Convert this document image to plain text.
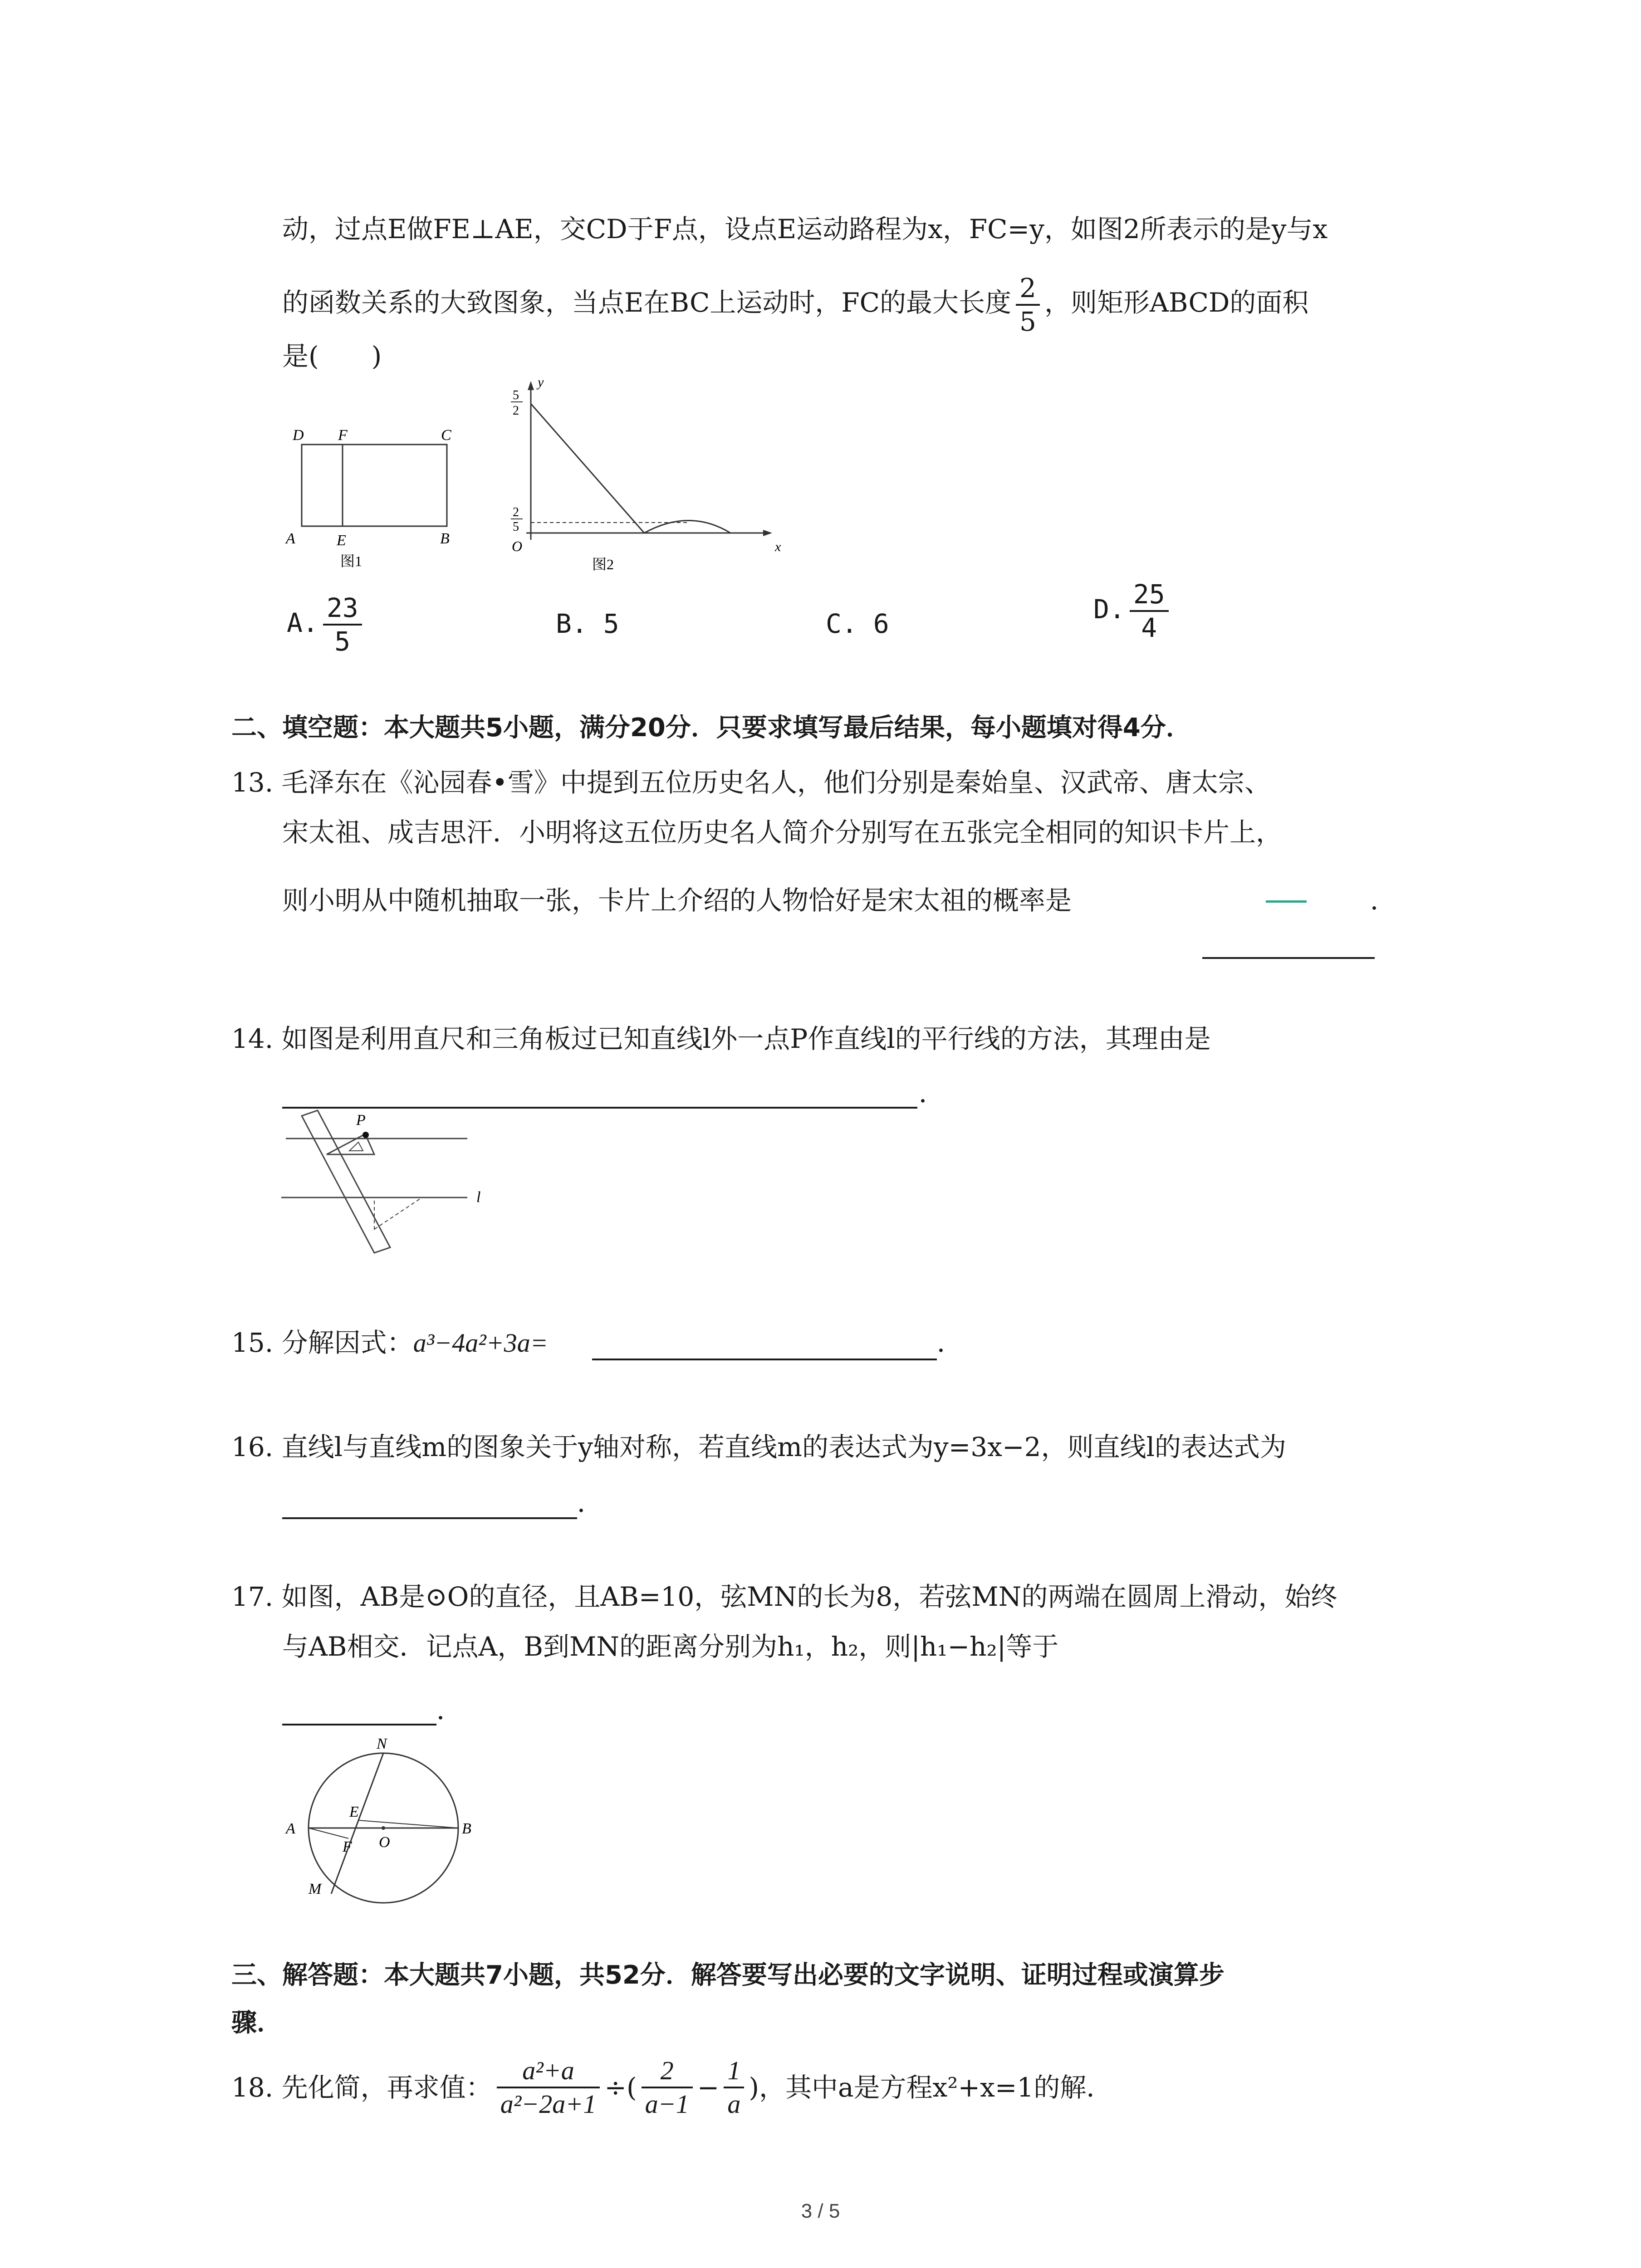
动，过点E做FE⊥AE，交CD于F点，设点E运动路程为x，FC=y，如图2所表示的是y与x
的函数关系的大致图象，当点E在BC上运动时，FC的最大长度 $\frac{2}{5}$ ，则矩形ABCD的面积
是(　　)
D F	C
A	E	B
图1
y
x
O
5
2
2
5
图2
A. $\frac{23}{5}$	B. 5	C. 6	D. $\frac{25}{4}$
二、填空题：本大题共5小题，满分20分．只要求填写最后结果，每小题填对得4分．
13. 毛泽东在《沁园春•雪》中提到五位历史名人，他们分别是秦始皇、汉武帝、唐太宗、
宋太祖、成吉思汗．小明将这五位历史名人简介分别写在五张完全相同的知识卡片上，
则小明从中随机抽取一张，卡片上介绍的人物恰好是宋太祖的概率是	．
14. 如图是利用直尺和三角板过已知直线l外一点P作直线l的平行线的方法，其理由是
．
P
l
15. 分解因式：a³−4a²+3a=	．
16. 直线l与直线m的图象关于y轴对称，若直线m的表达式为y=3x−2，则直线l的表达式为
．
17. 如图，AB是⊙O的直径，且AB=10，弦MN的长为8，若弦MN的两端在圆周上滑动，始终
与AB相交．记点A，B到MN的距离分别为h₁，h₂，则|h₁−h₂|等于
．
N
E
A
O
B
F
M
三、解答题：本大题共7小题，共52分．解答要写出必要的文字说明、证明过程或演算步
骤．
18. 先化简，再求值： $\frac{\text{a²+a}}{\text{a²−2a+1}}$ ÷( $\frac{2}{a-1} - \frac{1}{a}$ )，其中a是方程x²+x=1的解．
3 / 5
